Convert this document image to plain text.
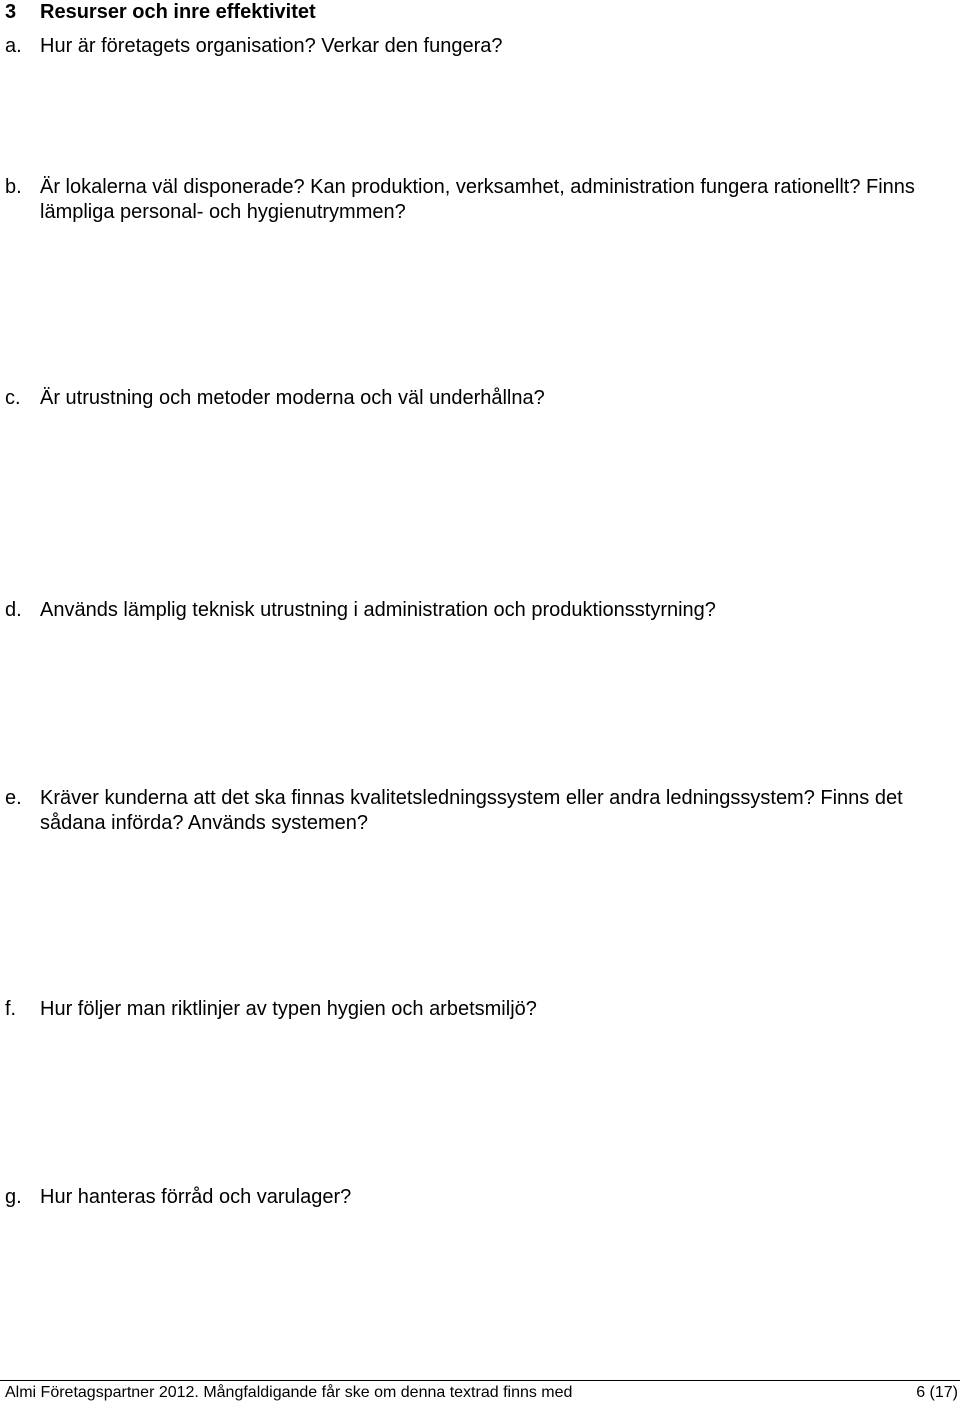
3 Resurser och inre effektivitet
a. Hur är företagets organisation? Verkar den fungera?
b. Är lokalerna väl disponerade? Kan produktion, verksamhet, administration fungera rationellt? Finns lämpliga personal- och hygienutrymmen?
c. Är utrustning och metoder moderna och väl underhållna?
d. Används lämplig teknisk utrustning i administration och produktionsstyrning?
e. Kräver kunderna att det ska finnas kvalitetsledningssystem eller andra ledningssystem? Finns det sådana införda? Används systemen?
f. Hur följer man riktlinjer av typen hygien och arbetsmiljö?
g. Hur hanteras förråd och varulager?
Almi Företagspartner 2012. Mångfaldigande får ske om denna textrad finns med	6 (17)
